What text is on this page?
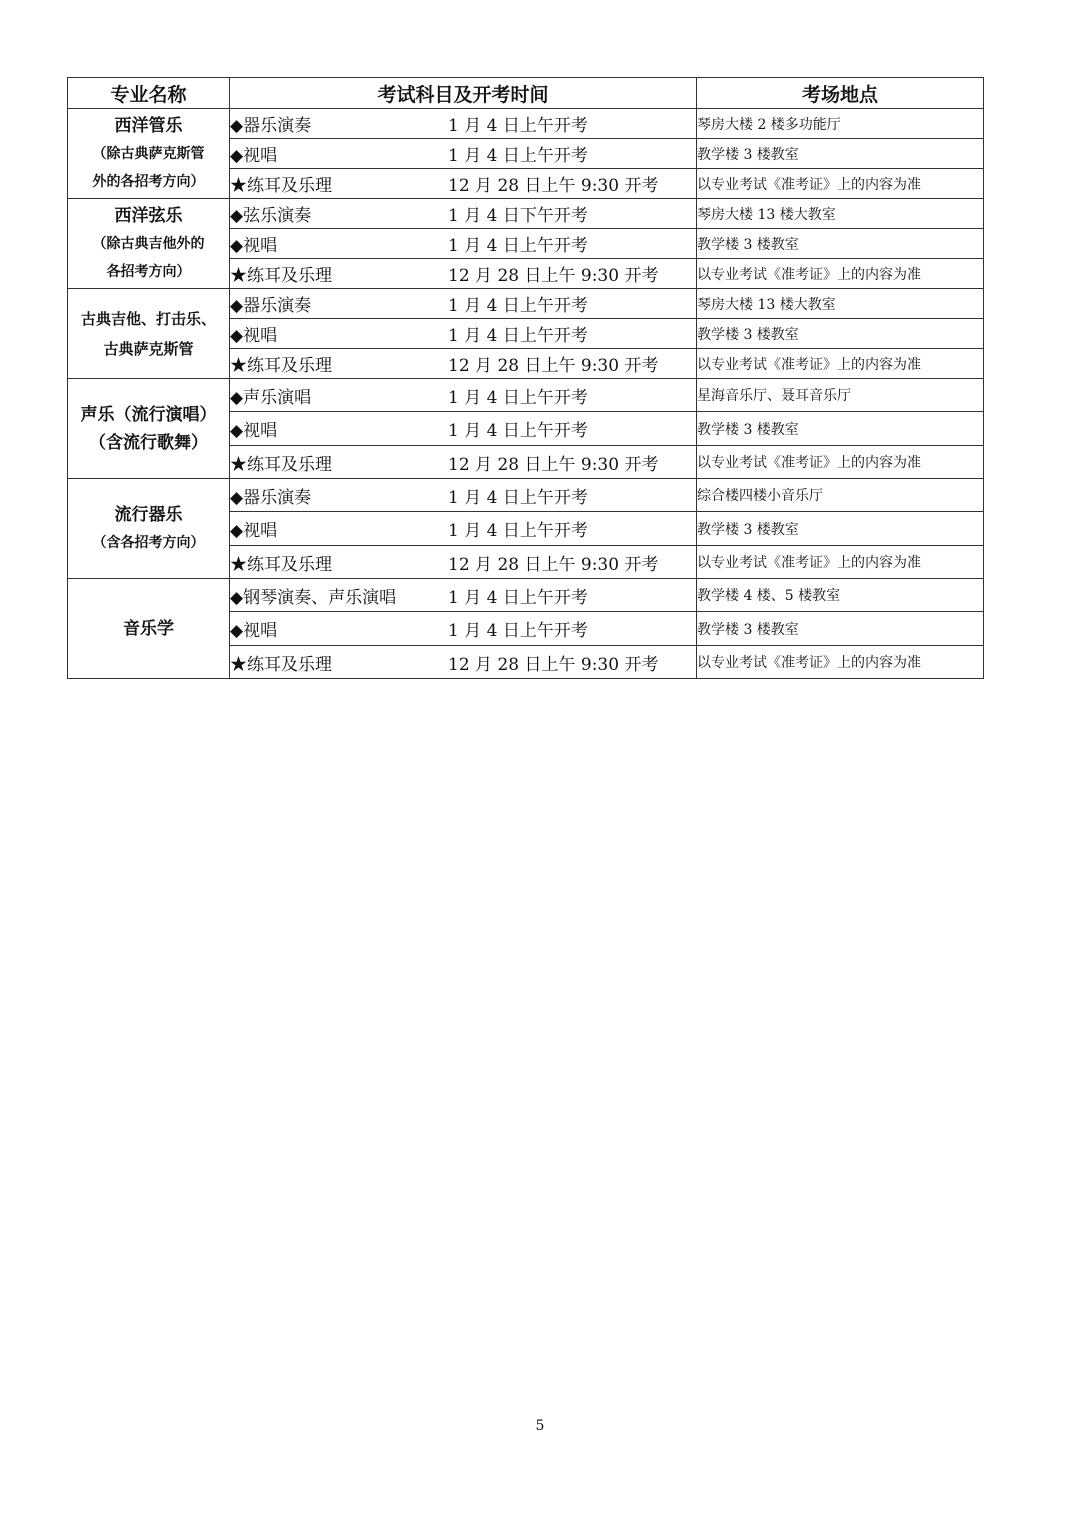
专业名称	考试科目及开考时间	考场地点

西洋管乐
（除古典萨克斯管
外的各招考方向）	◆器乐演奏 1 月 4 日上午开考	琴房大楼 2 楼多功能厅
	◆视唱 1 月 4 日上午开考	教学楼 3 楼教室
	★练耳及乐理 12 月 28 日上午 9:30 开考	以专业考试《准考证》上的内容为准

西洋弦乐
（除古典吉他外的
各招考方向）	◆弦乐演奏 1 月 4 日下午开考	琴房大楼 13 楼大教室
	◆视唱 1 月 4 日上午开考	教学楼 3 楼教室
	★练耳及乐理 12 月 28 日上午 9:30 开考	以专业考试《准考证》上的内容为准

古典吉他、打击乐、
古典萨克斯管	◆器乐演奏 1 月 4 日上午开考	琴房大楼 13 楼大教室
	◆视唱 1 月 4 日上午开考	教学楼 3 楼教室
	★练耳及乐理 12 月 28 日上午 9:30 开考	以专业考试《准考证》上的内容为准

声乐（流行演唱）
（含流行歌舞）	◆声乐演唱 1 月 4 日上午开考	星海音乐厅、聂耳音乐厅
	◆视唱 1 月 4 日上午开考	教学楼 3 楼教室
	★练耳及乐理 12 月 28 日上午 9:30 开考	以专业考试《准考证》上的内容为准

流行器乐
（含各招考方向）	◆器乐演奏 1 月 4 日上午开考	综合楼四楼小音乐厅
	◆视唱 1 月 4 日上午开考	教学楼 3 楼教室
	★练耳及乐理 12 月 28 日上午 9:30 开考	以专业考试《准考证》上的内容为准

音乐学	◆钢琴演奏、声乐演唱 1 月 4 日上午开考	教学楼 4 楼、5 楼教室
	◆视唱 1 月 4 日上午开考	教学楼 3 楼教室
	★练耳及乐理 12 月 28 日上午 9:30 开考	以专业考试《准考证》上的内容为准
5
